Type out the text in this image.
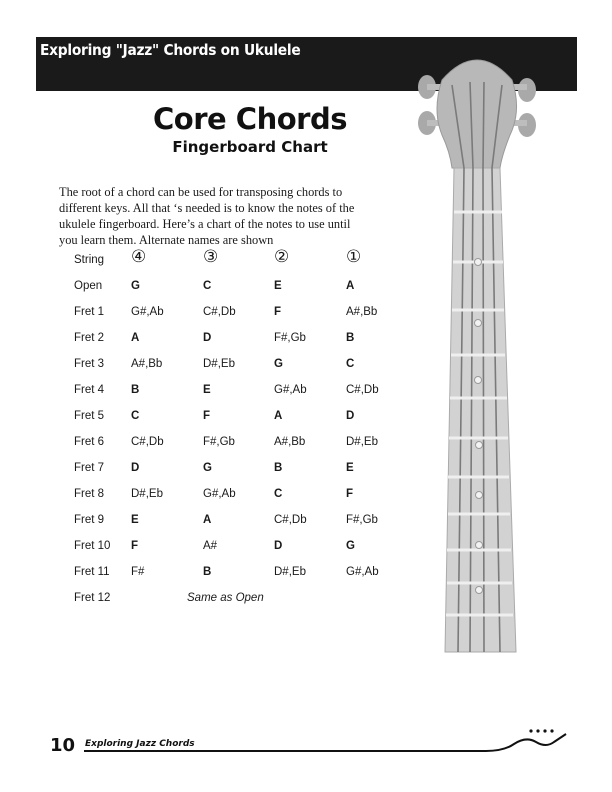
Exploring "Jazz" Chords on Ukulele
Core Chords
Fingerboard Chart
The root of a chord can be used for transposing chords to
different keys. All that ‘s needed is to know the notes of the
ukulele fingerboard. Here’s a chart of the notes to use until
you learn them. Alternate names are shown
String ④	③	②	①
Open	G	C	E	A
Fret 1 G#,Ab	C#,Db	F	A#,Bb
Fret 2 A	D	F#,Gb	B
Fret 3 A#,Bb	D#,Eb	G	C
Fret 4 B	E	G#,Ab	C#,Db
Fret 5 C	F	A	D
Fret 6 C#,Db	F#,Gb	A#,Bb	D#,Eb
Fret 7 D	G	B	E
Fret 8 D#,Eb	G#,Ab	C	F
Fret 9 E	A	C#,Db	F#,Gb
Fret 10 F	A#	D	G
Fret 11 F#	B	D#,Eb	G#,Ab
Fret 12	Same as Open
10 Exploring Jazz Chords
